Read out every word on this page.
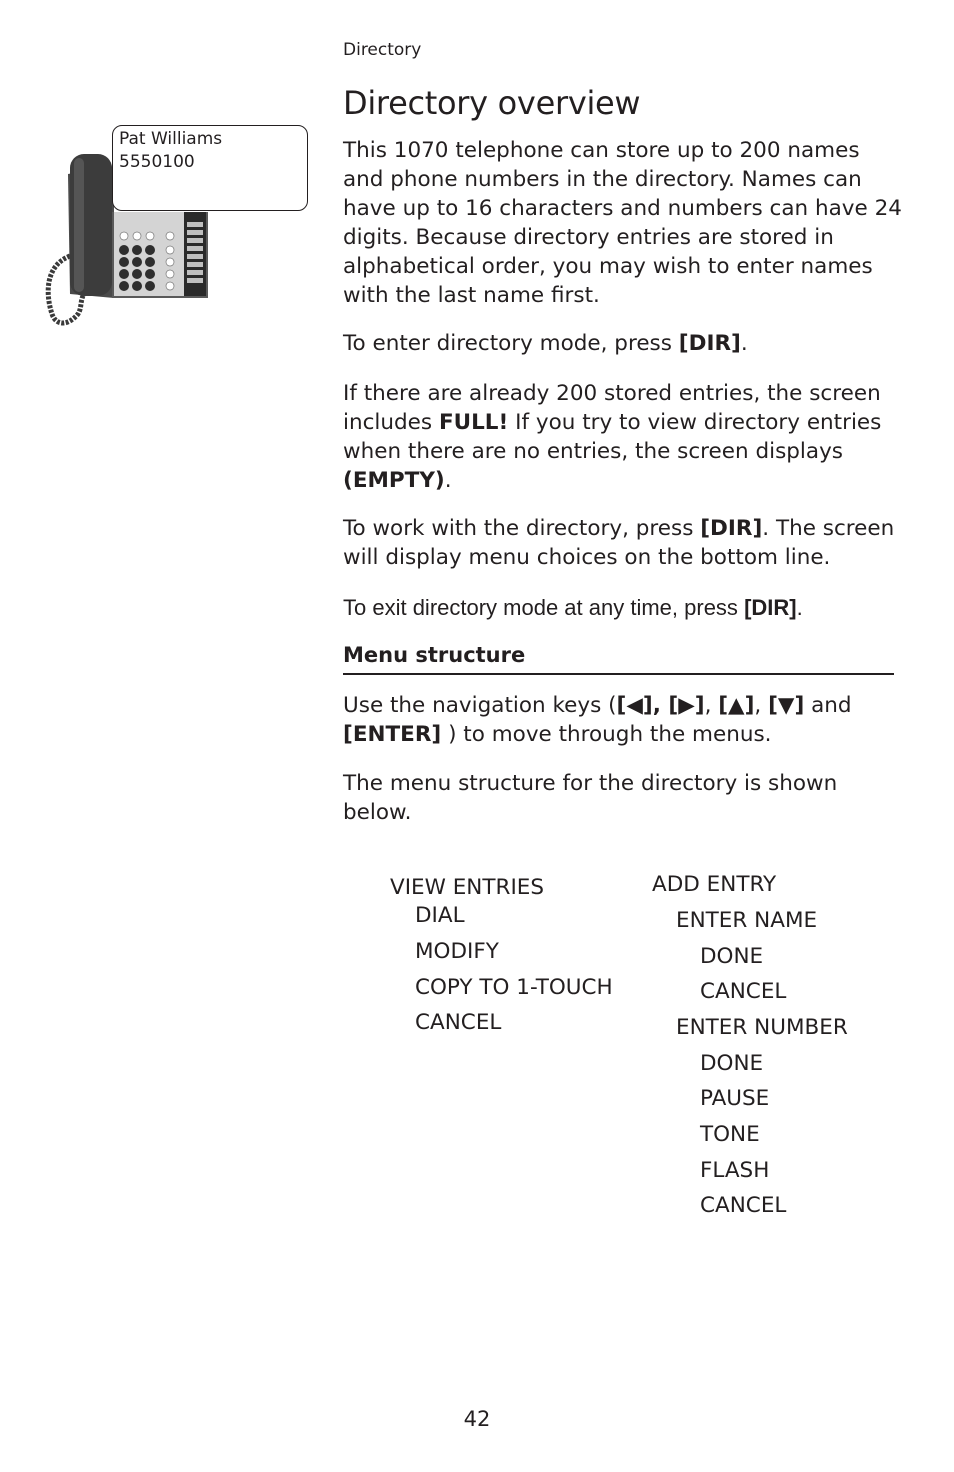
Directory
Directory overview
Pat Williams
5550100	This 1070 telephone can store up to 200 names and phone numbers in the directory. Names can have up to 16 characters and numbers can have 24 digits. Because directory entries are stored in alphabetical order, you may wish to enter names with the last name first.

To enter directory mode, press [DIR].

If there are already 200 stored entries, the screen includes FULL! If you try to view directory entries when there are no entries, the screen displays (EMPTY).

To work with the directory, press [DIR]. The screen will display menu choices on the bottom line.

To exit directory mode at any time, press [DIR].

Menu structure

Use the navigation keys ([◀], [▶], [▲], [▼] and [ENTER] ) to move through the menus.

The menu structure for the directory is shown below.

VIEW ENTRIES
DIAL
MODIFY
COPY TO 1-TOUCH
CANCEL
ADD ENTRY
ENTER NAME
DONE
CANCEL
ENTER NUMBER
DONE
PAUSE
TONE
FLASH
CANCEL
42
